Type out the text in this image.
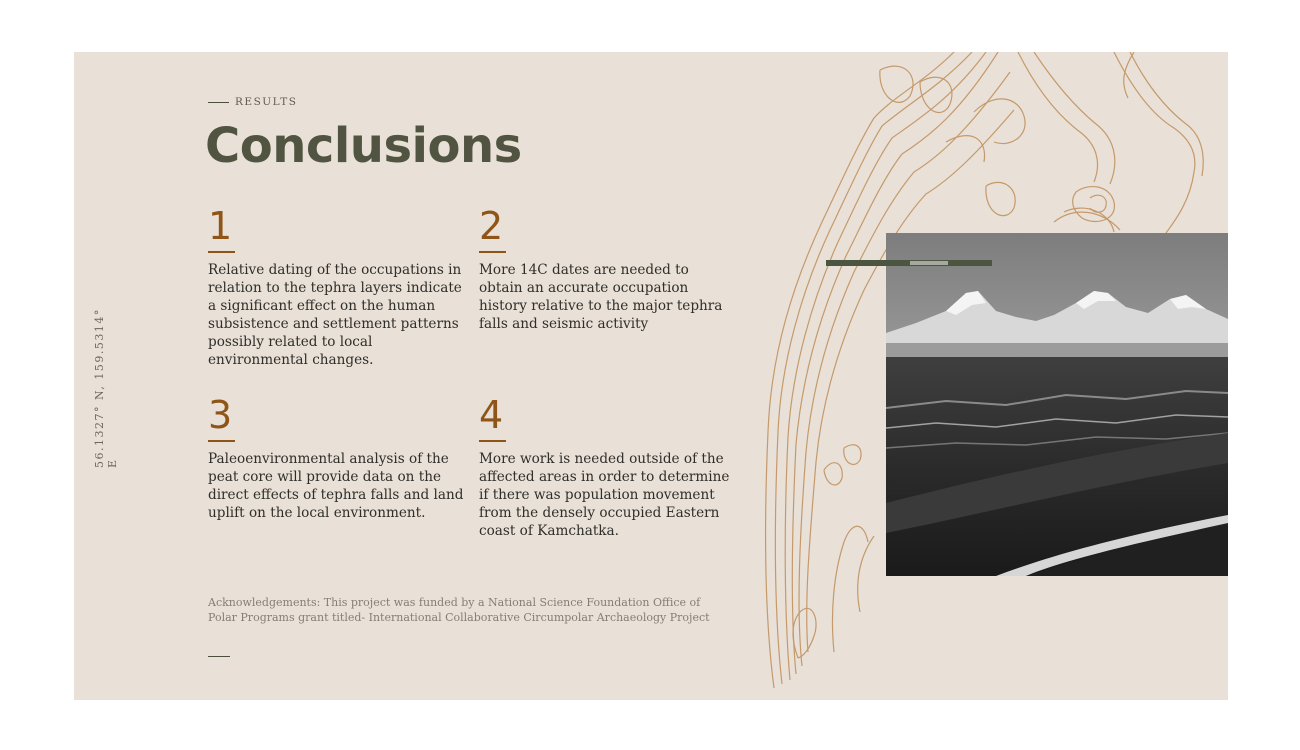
56.1327° N, 159.5314° E
RESULTS
Conclusions
1
Relative dating of the occupations in relation to the tephra layers indicate a significant effect on the human subsistence and settlement patterns possibly related to local environmental changes.
2
More 14C dates are needed to obtain an accurate occupation history relative to the major tephra falls and seismic activity
3
Paleoenvironmental analysis of the peat core will provide data on the direct effects of tephra falls and land uplift on the local environment.
4
More work is needed outside of the affected areas in order to determine if there was population movement from the densely occupied Eastern coast of Kamchatka.
Acknowledgements: This project was funded by a National Science Foundation Office of Polar Programs grant titled- International Collaborative Circumpolar Archaeology Project
